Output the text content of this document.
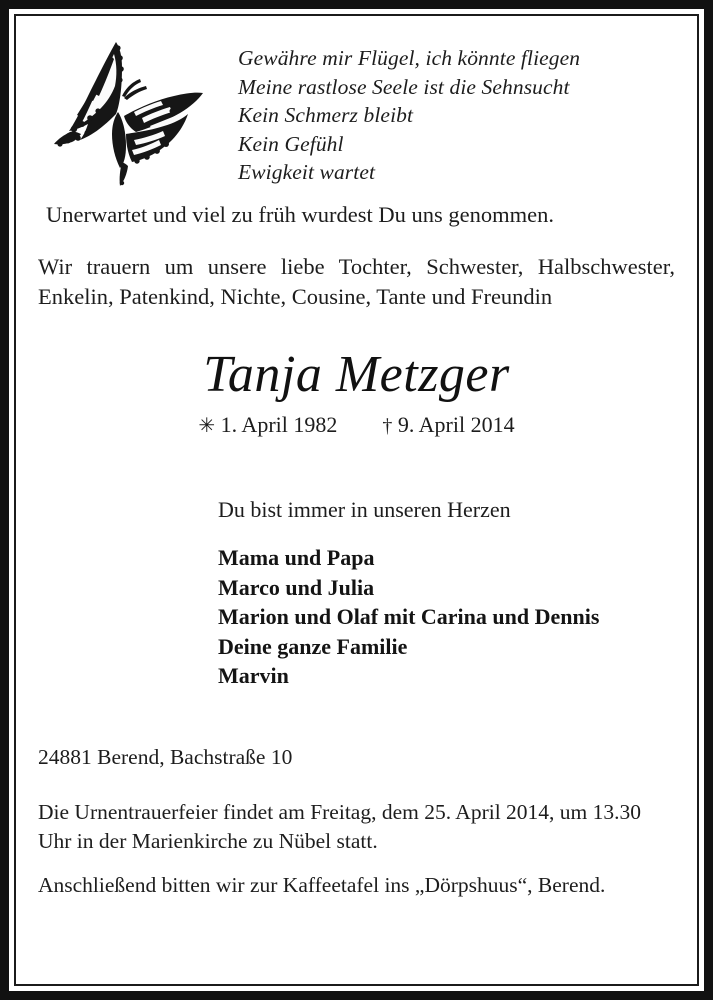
Gewähre mir Flügel, ich könnte fliegen
Meine rastlose Seele ist die Sehnsucht
Kein Schmerz bleibt
Kein Gefühl
Ewigkeit wartet

Unerwartet und viel zu früh wurdest Du uns genommen.

Wir trauern um unsere liebe Tochter, Schwester, Halbschwester, Enkelin, Patenkind, Nichte, Cousine, Tante und Freundin

Tanja Metzger
✳ 1. April 1982 † 9. April 2014
Du bist immer in unseren Herzen
Mama und Papa
Marco und Julia
Marion und Olaf mit Carina und Dennis
Deine ganze Familie
Marvin

24881 Berend, Bachstraße 10

Die Urnentrauerfeier findet am Freitag, dem 25. April 2014, um 13.30 Uhr in der Marienkirche zu Nübel statt.

Anschließend bitten wir zur Kaffeetafel ins „Dörpshuus“, Berend.
